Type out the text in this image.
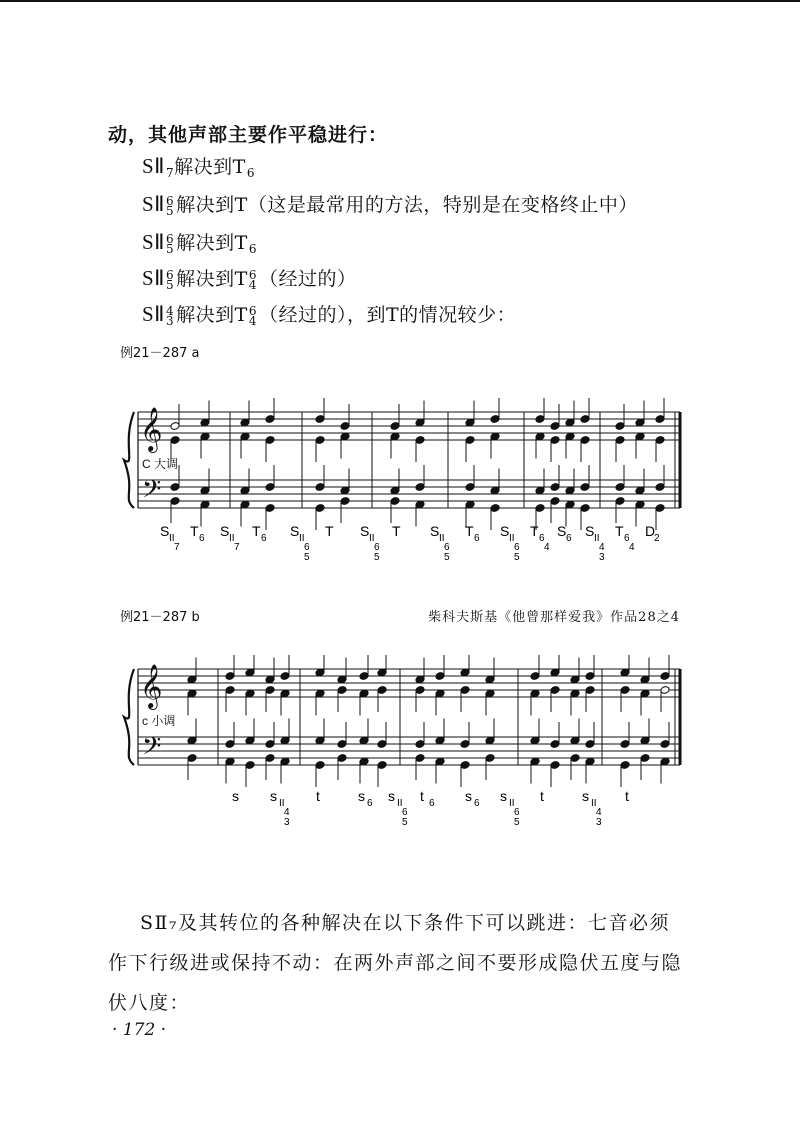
动，其他声部主要作平稳进行：
$SⅡ_7$解决到$T_6$
SⅡ 6
5 解决到T（这是最常用的方法，特别是在变格终止中）
SⅡ 6
5 解决到$T_6$
SⅡ 6
5 解决到T 6
4 （经过的）
SⅡ 4
3 解决到T 6
4 （经过的），到T的情况较少：
例21－287 a
𝄞
𝄢
C 大调
S II
7
T 6 S II
7
T 6 S II
6
5
T S II
6
5
T S II
6
5
T 6 S II
6
5
T 6
4
S 6 S II
4
3
T 6
4
D
2
例21－287 b	柴科夫斯基《他曾那样爱我》作品28之4
𝄞
𝄢
c 小调
s s II
4
3
t	s 6 s II
6
5
t 6 s 6 s II
6
5
t	s II
4
3
t
SⅡ₇及其转位的各种解决在以下条件下可以跳进：七音必须
作下行级进或保持不动：在两外声部之间不要形成隐伏五度与隐
伏八度：
· 172 ·
